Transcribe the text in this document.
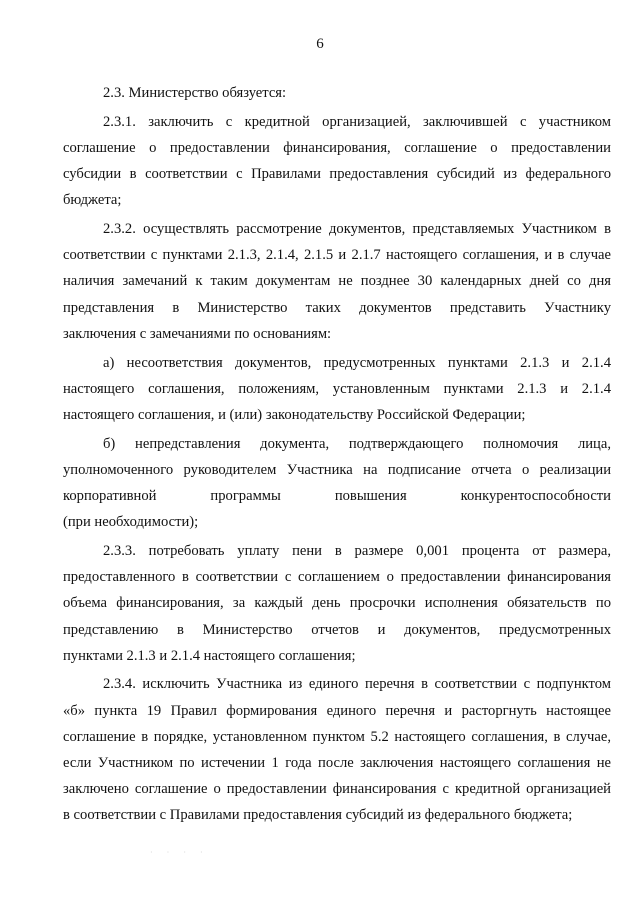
6
2.3. Министерство обязуется:
2.3.1. заключить с кредитной организацией, заключившей с участником
соглашение о предоставлении финансирования, соглашение о предоставлении
субсидии в соответствии с Правилами предоставления субсидий из федерального
бюджета;
2.3.2. осуществлять рассмотрение документов, представляемых Участником в
соответствии с пунктами 2.1.3, 2.1.4, 2.1.5 и 2.1.7 настоящего соглашения, и в случае
наличия замечаний к таким документам не позднее 30 календарных дней со дня
представления в Министерство таких документов представить Участнику
заключения с замечаниями по основаниям:
а) несоответствия документов, предусмотренных пунктами 2.1.3 и 2.1.4
настоящего соглашения, положениям, установленным пунктами 2.1.3 и 2.1.4
настоящего соглашения, и (или) законодательству Российской Федерации;
б) непредставления документа, подтверждающего полномочия лица,
уполномоченного руководителем Участника на подписание отчета о реализации
корпоративной программы повышения конкурентоспособности
(при необходимости);
2.3.3. потребовать уплату пени в размере 0,001 процента от размера,
предоставленного в соответствии с соглашением о предоставлении финансирования
объема финансирования, за каждый день просрочки исполнения обязательств по
представлению в Министерство отчетов и документов, предусмотренных
пунктами 2.1.3 и 2.1.4 настоящего соглашения;
2.3.4. исключить Участника из единого перечня в соответствии с подпунктом
«б» пункта 19 Правил формирования единого перечня и расторгнуть настоящее
соглашение в порядке, установленном пунктом 5.2 настоящего соглашения, в случае,
если Участником по истечении 1 года после заключения настоящего соглашения не
заключено соглашение о предоставлении финансирования с кредитной организацией
в соответствии с Правилами предоставления субсидий из федерального бюджета;
· · · ·
